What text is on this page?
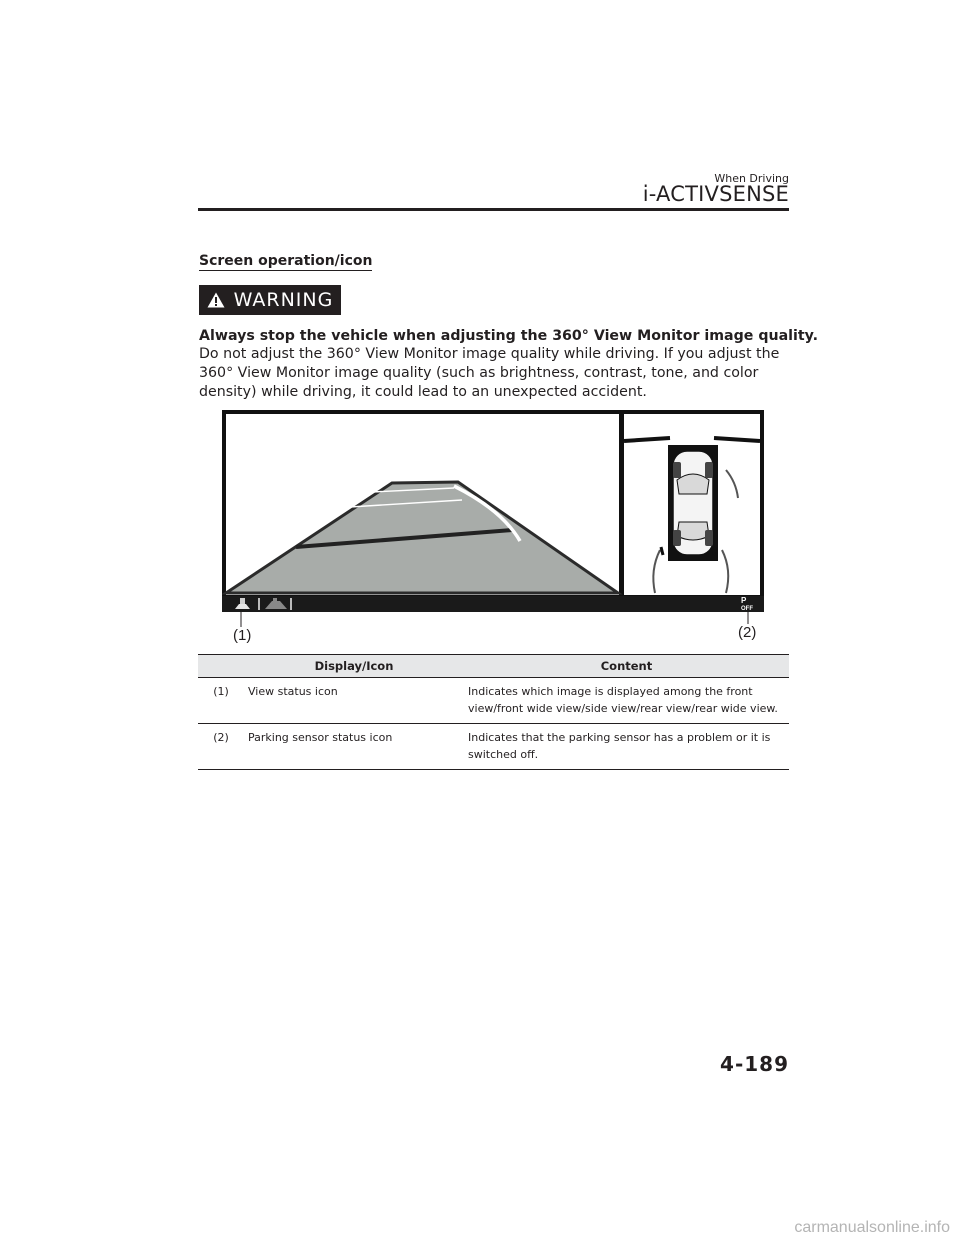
When Driving
i-ACTIVSENSE
Screen operation/icon
WARNING
Always stop the vehicle when adjusting the 360° View Monitor image quality.

Do not adjust the 360° View Monitor image quality while driving. If you adjust the 360° View Monitor image quality (such as brightness, contrast, tone, and color density) while driving, it could lead to an unexpected accident.

P
OFF
(1)	(2)
	Display/Icon	Content
(1)	View status icon	Indicates which image is displayed among the front view/front wide view/side view/rear view/rear wide view.
(2)	Parking sensor status icon	Indicates that the parking sensor has a problem or it is switched off.
4-189
carmanualsonline.info
